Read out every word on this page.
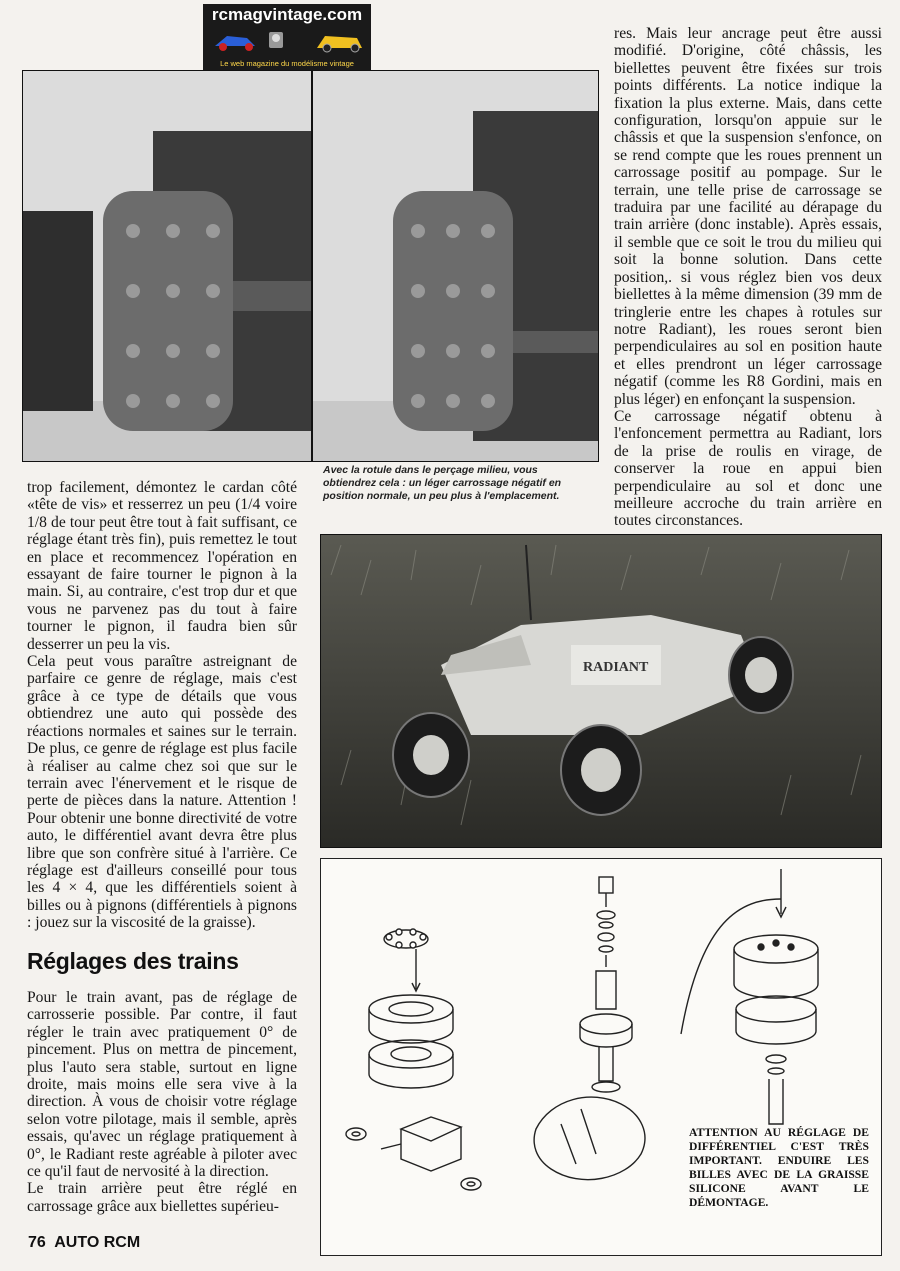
rcmagvintage.com
Le web magazine du modélisme vintage
Avec la rotule dans le perçage milieu, vous obtiendrez cela : un léger carrossage négatif en position normale, un peu plus à l'emplacement.

res. Mais leur ancrage peut être aussi modifié. D'origine, côté châssis, les biellettes peuvent être fixées sur trois points différents. La notice indique la fixation la plus externe. Mais, dans cette configuration, lorsqu'on appuie sur le châssis et que la suspension s'enfonce, on se rend compte que les roues prennent un carrossage positif au pompage. Sur le terrain, une telle prise de carrossage se traduira par une facilité au dérapage du train arrière (donc instable). Après essais, il semble que ce soit le trou du milieu qui soit la bonne solution. Dans cette position,. si vous réglez bien vos deux biellettes à la même dimension (39 mm de tringlerie entre les chapes à rotules sur notre Radiant), les roues seront bien perpendiculaires au sol en position haute et elles prendront un léger carrossage négatif (comme les R8 Gordini, mais en plus léger) en enfonçant la suspension.

Ce carrossage négatif obtenu à l'enfoncement permettra au Radiant, lors de la prise de roulis en virage, de conserver la roue en appui bien perpendiculaire au sol et donc une meilleure accroche du train arrière en toutes circonstances.

trop facilement, démontez le cardan côté «tête de vis» et resserrez un peu (1/4 voire 1/8 de tour peut être tout à fait suffisant, ce réglage étant très fin), puis remettez le tout en place et recommencez l'opération en essayant de faire tourner le pignon à la main. Si, au contraire, c'est trop dur et que vous ne parvenez pas du tout à faire tourner le pignon, il faudra bien sûr desserrer un peu la vis.

Cela peut vous paraître astreignant de parfaire ce genre de réglage, mais c'est grâce à ce type de détails que vous obtiendrez une auto qui possède des réactions normales et saines sur le terrain. De plus, ce genre de réglage est plus facile à réaliser au calme chez soi que sur le terrain avec l'énervement et le risque de perte de pièces dans la nature. Attention ! Pour obtenir une bonne directivité de votre auto, le différentiel avant devra être plus libre que son confrère situé à l'arrière. Ce réglage est d'ailleurs conseillé pour tous les 4 × 4, que les différentiels soient à billes ou à pignons (différentiels à pignons : jouez sur la viscosité de la graisse).

Réglages des trains

Pour le train avant, pas de réglage de carrosserie possible. Par contre, il faut régler le train avec pratiquement 0° de pincement. Plus on mettra de pincement, plus l'auto sera stable, surtout en ligne droite, mais moins elle sera vive à la direction. À vous de choisir votre réglage selon votre pilotage, mais il semble, après essais, qu'avec un réglage pratiquement à 0°, le Radiant reste agréable à piloter avec ce qu'il faut de nervosité à la direction.

Le train arrière peut être réglé en carrossage grâce aux biellettes supérieu-

RADIANT
ATTENTION AU RÉGLAGE DE DIFFÉRENTIEL C'EST TRÈS IMPORTANT. ENDUIRE LES BILLES AVEC DE LA GRAISSE SILICONE AVANT LE DÉMONTAGE.
76 AUTO RCM
